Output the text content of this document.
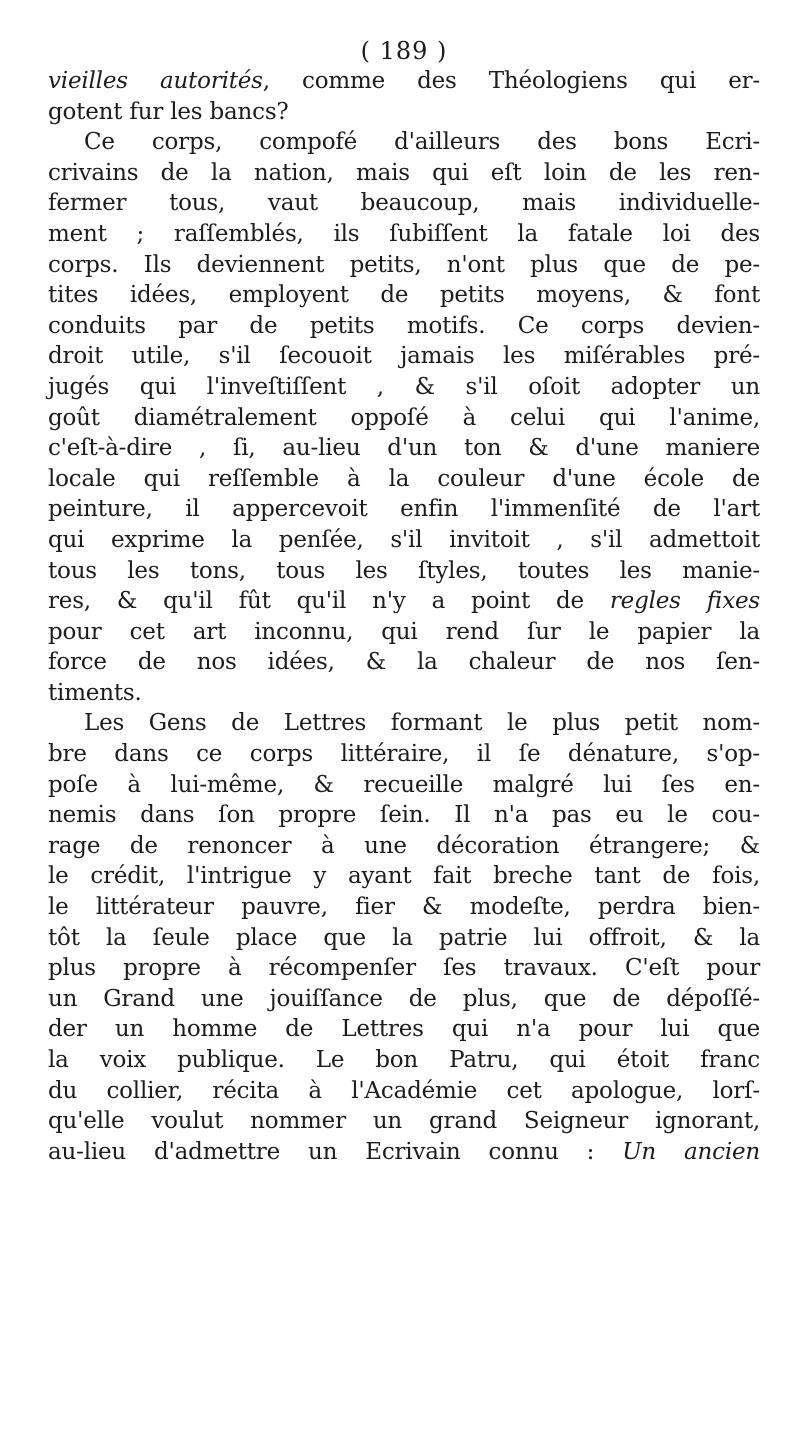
( 189 )
vieilles autorités, comme des Théologiens qui er-
gotent fur les bancs?
Ce corps, compofé d'ailleurs des bons Ecri-
crivains de la nation, mais qui eſt loin de les ren-
fermer tous, vaut beaucoup, mais individuelle-
ment ; raſſemblés, ils ſubiſſent la fatale loi des
corps. Ils deviennent petits, n'ont plus que de pe-
tites idées, employent de petits moyens, & font
conduits par de petits motifs. Ce corps devien-
droit utile, s'il ſecouoit jamais les miſérables pré-
jugés qui l'inveſtiſſent , & s'il oſoit adopter un
goût diamétralement oppoſé à celui qui l'anime,
c'eſt-à-dire , ſi, au-lieu d'un ton & d'une maniere
locale qui reſſemble à la couleur d'une école de
peinture, il appercevoit enfin l'immenſité de l'art
qui exprime la penſée, s'il invitoit , s'il admettoit
tous les tons, tous les ſtyles, toutes les manie-
res, & qu'il fût qu'il n'y a point de regles fixes
pour cet art inconnu, qui rend ſur le papier la
force de nos idées, & la chaleur de nos ſen-
timents.
Les Gens de Lettres formant le plus petit nom-
bre dans ce corps littéraire, il ſe dénature, s'op-
poſe à lui-même, & recueille malgré lui ſes en-
nemis dans ſon propre ſein. Il n'a pas eu le cou-
rage de renoncer à une décoration étrangere; &
le crédit, l'intrigue y ayant fait breche tant de fois,
le littérateur pauvre, fier & modeſte, perdra bien-
tôt la ſeule place que la patrie lui offroit, & la
plus propre à récompenſer ſes travaux. C'eſt pour
un Grand une jouiſſance de plus, que de dépoſſé-
der un homme de Lettres qui n'a pour lui que
la voix publique. Le bon Patru, qui étoit franc
du collier, récita à l'Académie cet apologue, lorſ-
qu'elle voulut nommer un grand Seigneur ignorant,
au-lieu d'admettre un Ecrivain connu : Un ancien
